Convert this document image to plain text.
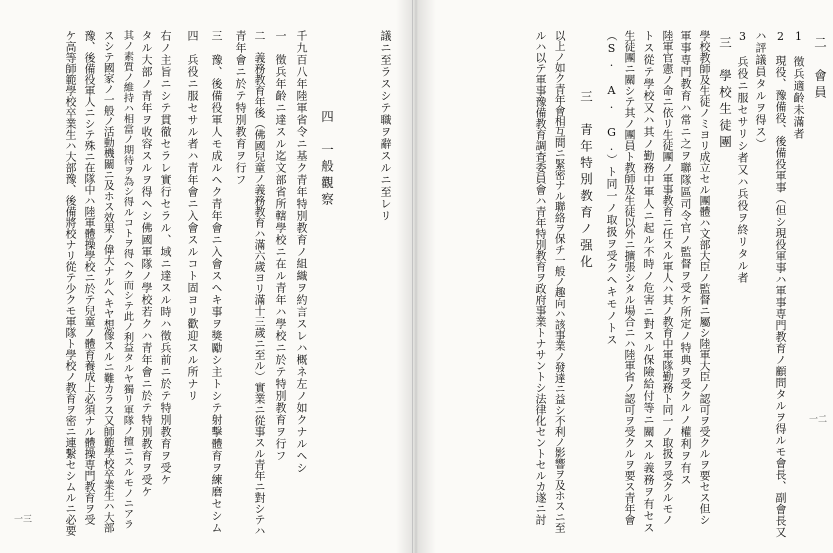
議ニ至ラスシテ職ヲ辭スルニ至レリ
四　一般觀察
千九百八年陸軍省令ニ基ク青年特別教育ノ組織ヲ約言スレハ概ネ左ノ如クナルヘシ
一　徵兵年齡ニ達スル迄文部省所轄學校ニ在ル青年ハ學校ニ於テ特別教育ヲ行フ
二　義務教育年後（佛國兒童ノ義務教育ハ滿六歲ヨリ滿十三歲ニ至ル）實業ニ從事スル青年ニ對シテハ
青年會ニ於テ特別教育ヲ行フ
三　豫、後備役軍人モ成ルヘク青年會ニ入會スヘキ事ヲ獎勵シ主トシテ射擊體育ヲ練磨セシム
四　兵役ニ服セサル者ハ青年會ニ入會スルコト固ヨリ歡迎スル所ナリ
右ノ主旨ニシテ貫徹セラレ實行セラル、域ニ達スル時ハ徵兵前ニ於テ特別教育ヲ受ケ
タル大部ノ青年ヲ收容スルヲ得ヘシ佛國軍隊ノ學校若クハ青年會ニ於テ特別教育ヲ受ケ
其ノ素質ノ維持ハ相當ノ期待ヲ為シ得ルコトヲ得ヘク而シテ此ノ利益タルヤ獨リ軍隊ノ擅ニスルモノニアラ
スシテ國家ノ一般ノ活動機關ニ及ホス效果ノ偉大ナルヘキヤ想像スルニ難カラス又師範學校卒業生ハ大部
豫、後備役軍人ニシテ殊ニ在隊中ハ陸軍體操學校ニ於テ兒童ノ體育養成上必須ナル體操専門教育ヲ受
ケ高等師範學校卒業生ハ大部豫、後備將校ナリ從テ少クモ軍隊ト學校ノ教育ヲ密ニ連繫セシムルニ必要
一三
二　會員
1　徵兵適齡未滿者
2　現役、豫備役、後備役軍事（但シ現役軍事ハ軍事専門教育ノ顧問タルヲ得ルモ會長、副會長又
ハ評議員タルヲ得ス）
3　兵役ニ服セサリシ者又ハ兵役ヲ終リタル者
三　學校生徒團
學校教師及生徒ノミヨリ成立セル團體ハ文部大臣ノ監督ニ屬シ陸軍大臣ノ認可ヲ受クルヲ要セス但シ
軍事専門教育ハ常ニ之ヲ聯隊區司令官ノ監督ヲ受ケ所定ノ特典ヲ受クルノ權利ヲ有ス
陸軍官憲ノ命ニ依リ生徒團ノ軍事教育ニ任スル軍人ハ其ノ教育中軍隊勤務ト同一ノ取扱ヲ受クルモノ
トス從テ學校又ハ其ノ勤務中軍人ニ起ル不時ノ危害ニ對スル保險給付等ニ關スル義務ヲ有セス
生徒團ニ關シテ其ノ團員ト教師及生徒以外ニ擴張シタル場合ニハ陸軍省ノ認可ヲ受クルヲ要ス青年會
（S. A. G.）ト同一ノ取扱ヲ受クヘキモノトス
三　青年特別教育ノ强化
以上ノ如ク青年會相互間ニ緊密ナル聯絡ヲ保チ一般ノ趣向ハ該事業ノ發達ニ益シ不利ノ影響ヲ及ホスニ至
ルハ以テ軍事豫備教育調査委員會ハ青年特別教育ヲ政府事業トナサントシ法律化セントセルカ遂ニ討	一二
